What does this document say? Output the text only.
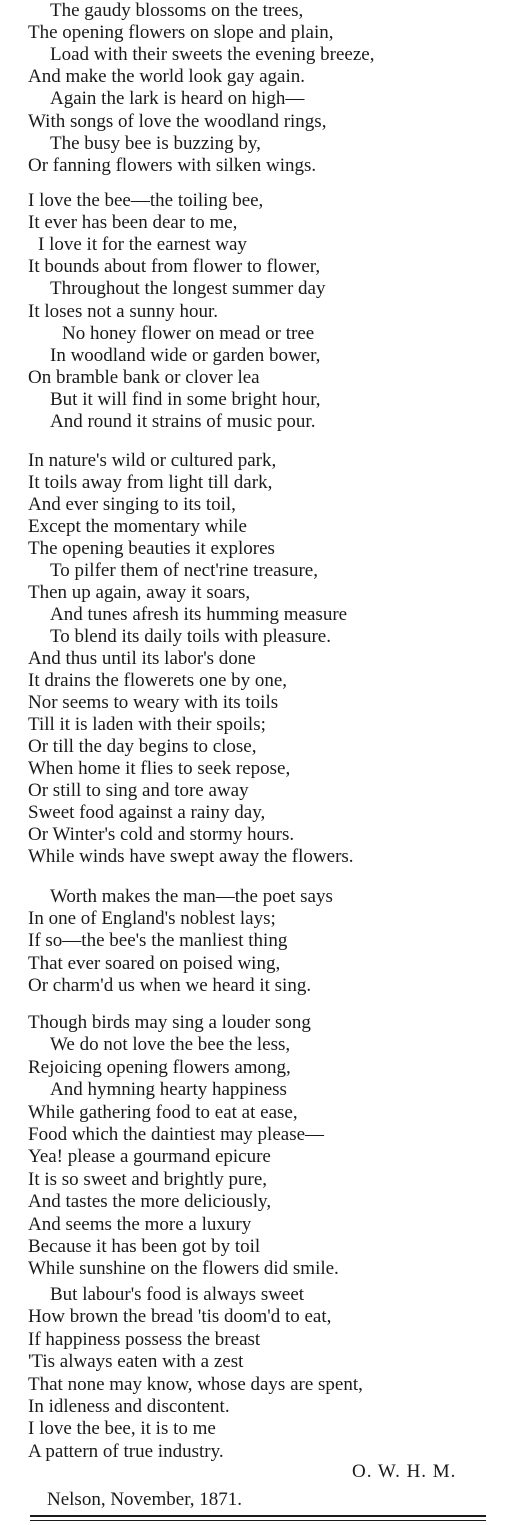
The gaudy blossoms on the trees,
The opening flowers on slope and plain,
Load with their sweets the evening breeze,
And make the world look gay again.
Again the lark is heard on high—
With songs of love the woodland rings,
The busy bee is buzzing by,
Or fanning flowers with silken wings.
I love the bee—the toiling bee,
It ever has been dear to me,
I love it for the earnest way
It bounds about from flower to flower,
Throughout the longest summer day
It loses not a sunny hour.
No honey flower on mead or tree
In woodland wide or garden bower,
On bramble bank or clover lea
But it will find in some bright hour,
And round it strains of music pour.
In nature's wild or cultured park,
It toils away from light till dark,
And ever singing to its toil,
Except the momentary while
The opening beauties it explores
To pilfer them of nect'rine treasure,
Then up again, away it soars,
And tunes afresh its humming measure
To blend its daily toils with pleasure.
And thus until its labor's done
It drains the flowerets one by one,
Nor seems to weary with its toils
Till it is laden with their spoils;
Or till the day begins to close,
When home it flies to seek repose,
Or still to sing and tore away
Sweet food against a rainy day,
Or Winter's cold and stormy hours.
While winds have swept away the flowers.
Worth makes the man—the poet says
In one of England's noblest lays;
If so—the bee's the manliest thing
That ever soared on poised wing,
Or charm'd us when we heard it sing.
Though birds may sing a louder song
We do not love the bee the less,
Rejoicing opening flowers among,
And hymning hearty happiness
While gathering food to eat at ease,
Food which the daintiest may please—
Yea! please a gourmand epicure
It is so sweet and brightly pure,
And tastes the more deliciously,
And seems the more a luxury
Because it has been got by toil
While sunshine on the flowers did smile.
But labour's food is always sweet
How brown the bread 'tis doom'd to eat,
If happiness possess the breast
'Tis always eaten with a zest
That none may know, whose days are spent,
In idleness and discontent.
I love the bee, it is to me
A pattern of true industry.
O. W. H. M.
Nelson, November, 1871.
